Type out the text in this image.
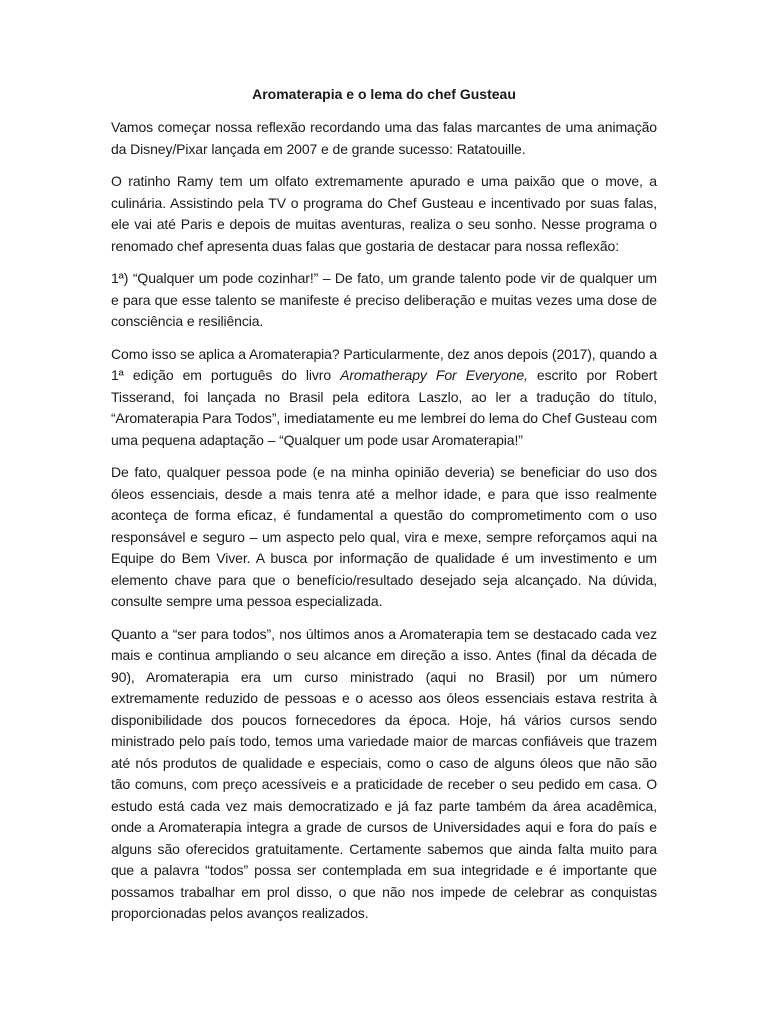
Aromaterapia e o lema do chef Gusteau

Vamos começar nossa reflexão recordando uma das falas marcantes de uma animação da Disney/Pixar lançada em 2007 e de grande sucesso: Ratatouille.

O ratinho Ramy tem um olfato extremamente apurado e uma paixão que o move, a culinária. Assistindo pela TV o programa do Chef Gusteau e incentivado por suas falas, ele vai até Paris e depois de muitas aventuras, realiza o seu sonho. Nesse programa o renomado chef apresenta duas falas que gostaria de destacar para nossa reflexão:

1ª) “Qualquer um pode cozinhar!” – De fato, um grande talento pode vir de qualquer um e para que esse talento se manifeste é preciso deliberação e muitas vezes uma dose de consciência e resiliência.

Como isso se aplica a Aromaterapia? Particularmente, dez anos depois (2017), quando a 1ª edição em português do livro Aromatherapy For Everyone, escrito por Robert Tisserand, foi lançada no Brasil pela editora Laszlo, ao ler a tradução do título, “Aromaterapia Para Todos”, imediatamente eu me lembrei do lema do Chef Gusteau com uma pequena adaptação – “Qualquer um pode usar Aromaterapia!”

De fato, qualquer pessoa pode (e na minha opinião deveria) se beneficiar do uso dos óleos essenciais, desde a mais tenra até a melhor idade, e para que isso realmente aconteça de forma eficaz, é fundamental a questão do comprometimento com o uso responsável e seguro – um aspecto pelo qual, vira e mexe, sempre reforçamos aqui na Equipe do Bem Viver. A busca por informação de qualidade é um investimento e um elemento chave para que o benefício/resultado desejado seja alcançado. Na dúvida, consulte sempre uma pessoa especializada.

Quanto a “ser para todos”, nos últimos anos a Aromaterapia tem se destacado cada vez mais e continua ampliando o seu alcance em direção a isso. Antes (final da década de 90), Aromaterapia era um curso ministrado (aqui no Brasil) por um número extremamente reduzido de pessoas e o acesso aos óleos essenciais estava restrita à disponibilidade dos poucos fornecedores da época. Hoje, há vários cursos sendo ministrado pelo país todo, temos uma variedade maior de marcas confiáveis que trazem até nós produtos de qualidade e especiais, como o caso de alguns óleos que não são tão comuns, com preço acessíveis e a praticidade de receber o seu pedido em casa. O estudo está cada vez mais democratizado e já faz parte também da área acadêmica, onde a Aromaterapia integra a grade de cursos de Universidades aqui e fora do país e alguns são oferecidos gratuitamente. Certamente sabemos que ainda falta muito para que a palavra “todos” possa ser contemplada em sua integridade e é importante que possamos trabalhar em prol disso, o que não nos impede de celebrar as conquistas proporcionadas pelos avanços realizados.
